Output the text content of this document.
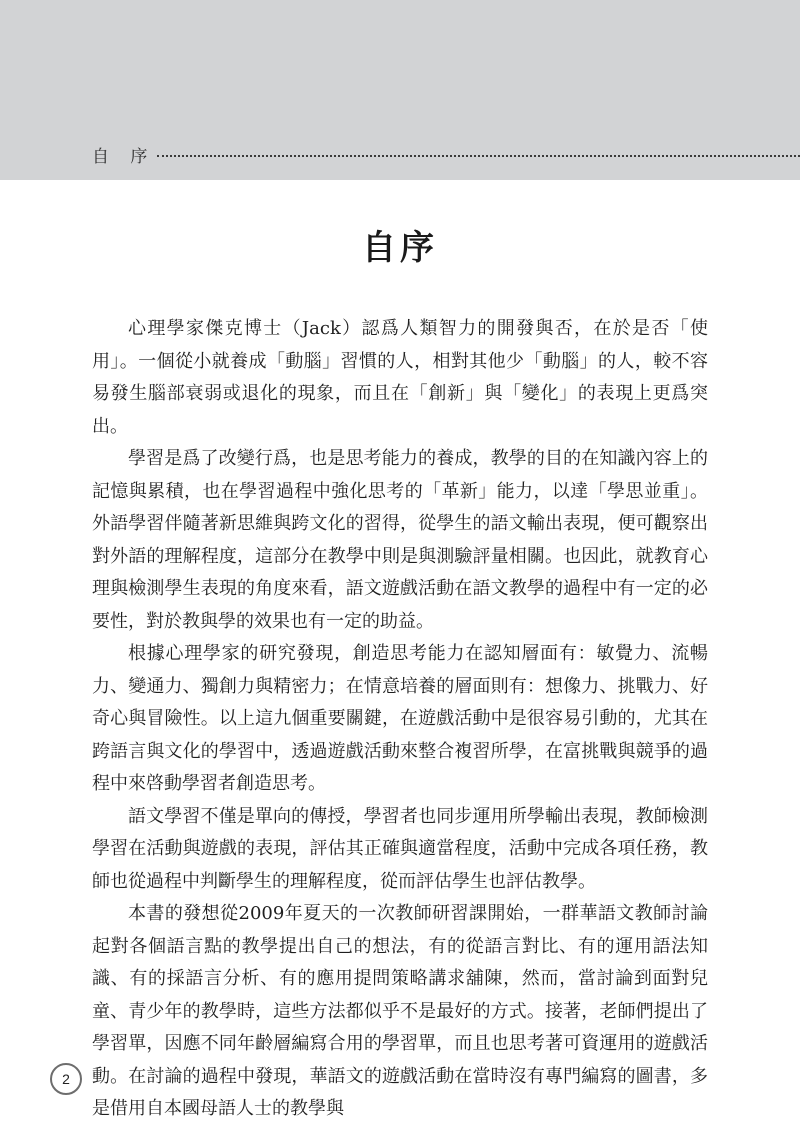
自 序
自序

心理學家傑克博士（Jack）認爲人類智力的開發與否，在於是否「使用」。一個從小就養成「動腦」習慣的人，相對其他少「動腦」的人，較不容易發生腦部衰弱或退化的現象，而且在「創新」與「變化」的表現上更爲突出。

學習是爲了改變行爲，也是思考能力的養成，教學的目的在知識內容上的記憶與累積，也在學習過程中強化思考的「革新」能力，以達「學思並重」。外語學習伴隨著新思維與跨文化的習得，從學生的語文輸出表現，便可觀察出對外語的理解程度，這部分在教學中則是與測驗評量相關。也因此，就教育心理與檢測學生表現的角度來看，語文遊戲活動在語文教學的過程中有一定的必要性，對於教與學的效果也有一定的助益。

根據心理學家的研究發現，創造思考能力在認知層面有：敏覺力、流暢力、變通力、獨創力與精密力；在情意培養的層面則有：想像力、挑戰力、好奇心與冒險性。以上這九個重要關鍵，在遊戲活動中是很容易引動的，尤其在跨語言與文化的學習中，透過遊戲活動來整合複習所學，在富挑戰與競爭的過程中來啓動學習者創造思考。

語文學習不僅是單向的傳授，學習者也同步運用所學輸出表現，教師檢測學習在活動與遊戲的表現，評估其正確與適當程度，活動中完成各項任務，教師也從過程中判斷學生的理解程度，從而評估學生也評估教學。

本書的發想從2009年夏天的一次教師研習課開始，一群華語文教師討論起對各個語言點的教學提出自己的想法，有的從語言對比、有的運用語法知識、有的採語言分析、有的應用提問策略講求舖陳，然而，當討論到面對兒童、青少年的教學時，這些方法都似乎不是最好的方式。接著，老師們提出了學習單，因應不同年齡層編寫合用的學習單，而且也思考著可資運用的遊戲活動。在討論的過程中發現，華語文的遊戲活動在當時沒有專門編寫的圖書，多是借用自本國母語人士的教學與

2
